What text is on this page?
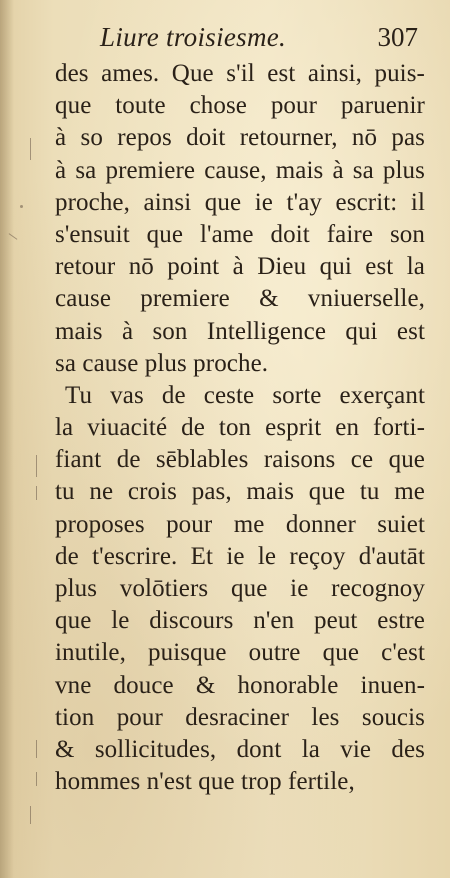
Liure troisiesme.	307
des ames. Que s'il est ainsi, puis-
que toute chose pour paruenir
à so repos doit retourner, nō pas
à sa premiere cause, mais à sa plus
proche, ainsi que ie t'ay escrit: il
s'ensuit que l'ame doit faire son
retour nō point à Dieu qui est la
cause premiere & vniuerselle,
mais à son Intelligence qui est
sa cause plus proche.
Tu vas de ceste sorte exerçant
la viuacité de ton esprit en forti-
fiant de sēblables raisons ce que
tu ne crois pas, mais que tu me
proposes pour me donner suiet
de t'escrire. Et ie le reçoy d'autāt
plus volōtiers que ie recognoy
que le discours n'en peut estre
inutile, puisque outre que c'est
vne douce & honorable inuen-
tion pour desraciner les soucis
& sollicitudes, dont la vie des
hommes n'est que trop fertile,
